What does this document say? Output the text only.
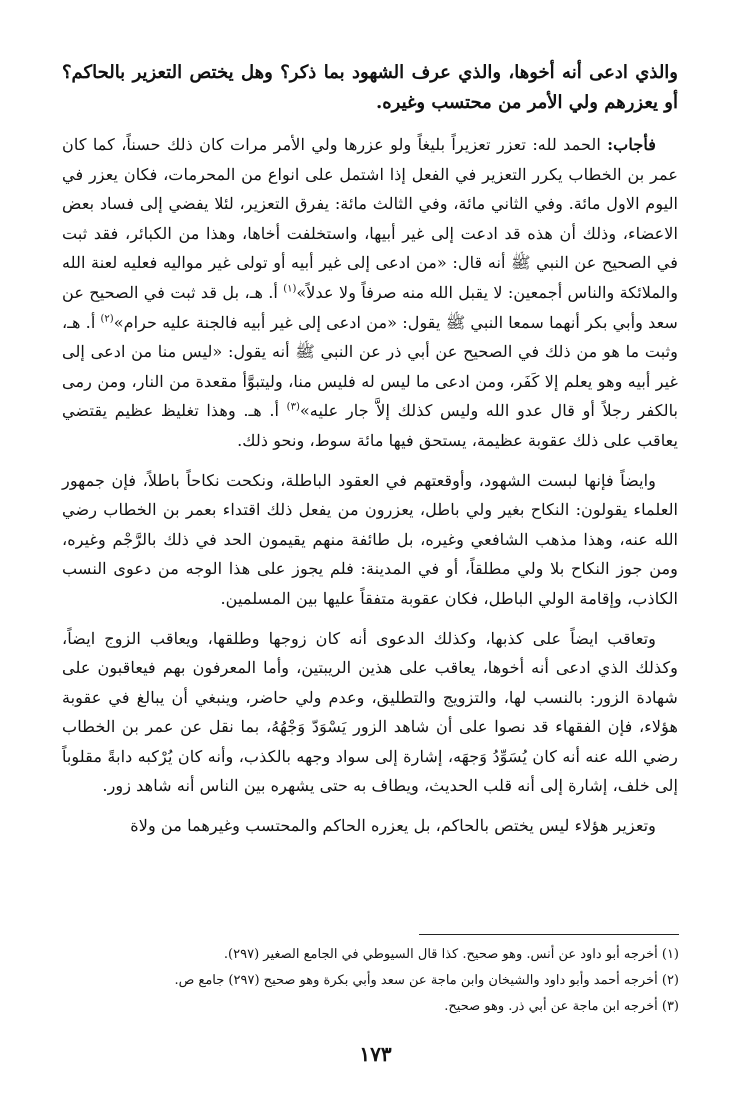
والذي ادعى أنه أخوها، والذي عرف الشهود بما ذكر؟ وهل يختص التعزير بالحاكم؟ أو يعزرهم ولي الأمر من محتسب وغيره.

فأجاب: الحمد لله: تعزر تعزيراً بليغاً ولو عزرها ولي الأمر مرات كان ذلك حسناً، كما كان عمر بن الخطاب يكرر التعزير في الفعل إذا اشتمل على انواع من المحرمات، فكان يعزر في اليوم الاول مائة. وفي الثاني مائة، وفي الثالث مائة: يفرق التعزير، لئلا يفضي إلى فساد بعض الاعضاء، وذلك أن هذه قد ادعت إلى غير أبيها، واستخلفت أخاها، وهذا من الكبائر، فقد ثبت في الصحيح عن النبي ﷺ أنه قال: «من ادعى إلى غير أبيه أو تولى غير مواليه فعليه لعنة الله والملائكة والناس أجمعين: لا يقبل الله منه صرفاً ولا عدلاً»$^{(١)}$ أ. هـ، بل قد ثبت في الصحيح عن سعد وأبي بكر أنهما سمعا النبي ﷺ يقول: «من ادعى إلى غير أبيه فالجنة عليه حرام»$^{(٢)}$ أ. هـ، وثبت ما هو من ذلك في الصحيح عن أبي ذر عن النبي ﷺ أنه يقول: «ليس منا من ادعى إلى غير أبيه وهو يعلم إلا كَفَر، ومن ادعى ما ليس له فليس منا، وليتبوَّأ مقعدة من النار، ومن رمى بالكفر رجلاً أو قال عدو الله وليس كذلك إلاَّ جار عليه»$^{(٣)}$ أ. هـ. وهذا تغليظ عظيم يقتضي يعاقب على ذلك عقوبة عظيمة، يستحق فيها مائة سوط، ونحو ذلك.

وايضاً فإنها لبست الشهود، وأوقعتهم في العقود الباطلة، ونكحت نكاحاً باطلاً، فإن جمهور العلماء يقولون: النكاح بغير ولي باطل، يعزرون من يفعل ذلك اقتداء بعمر بن الخطاب رضي الله عنه، وهذا مذهب الشافعي وغيره، بل طائفة منهم يقيمون الحد في ذلك بالرَّجْم وغيره، ومن جوز النكاح بلا ولي مطلقاً، أو في المدينة: فلم يجوز على هذا الوجه من دعوى النسب الكاذب، وإقامة الولي الباطل، فكان عقوبة متفقاً عليها بين المسلمين.

وتعاقب ايضاً على كذبها، وكذلك الدعوى أنه كان زوجها وطلقها، ويعاقب الزوج ايضاً، وكذلك الذي ادعى أنه أخوها، يعاقب على هذين الريبتين، وأما المعرفون بهم فيعاقبون على شهادة الزور: بالنسب لها، والتزويج والتطليق، وعدم ولي حاضر، وينبغي أن يبالغ في عقوبة هؤلاء، فإن الفقهاء قد نصوا على أن شاهد الزور يَسْوَدّ وَجْهُهُ، بما نقل عن عمر بن الخطاب رضي الله عنه أنه كان يُسَوِّدُ وَجهَه، إشارة إلى سواد وجهه بالكذب، وأنه كان يُرْكبه دابةً مقلوباً إلى خلف، إشارة إلى أنه قلب الحديث، ويطاف به حتى يشهره بين الناس أنه شاهد زور.

وتعزير هؤلاء ليس يختص بالحاكم، بل يعزره الحاكم والمحتسب وغيرهما من ولاة

(١) أخرجه أبو داود عن أنس. وهو صحيح. كذا قال السيوطي في الجامع الصغير (٢٩٧).

(٢) أخرجه أحمد وأبو داود والشيخان وابن ماجة عن سعد وأبي بكرة وهو صحيح (٢٩٧) جامع ص.

(٣) أخرجه ابن ماجة عن أبي ذر. وهو صحيح.

١٧٣
